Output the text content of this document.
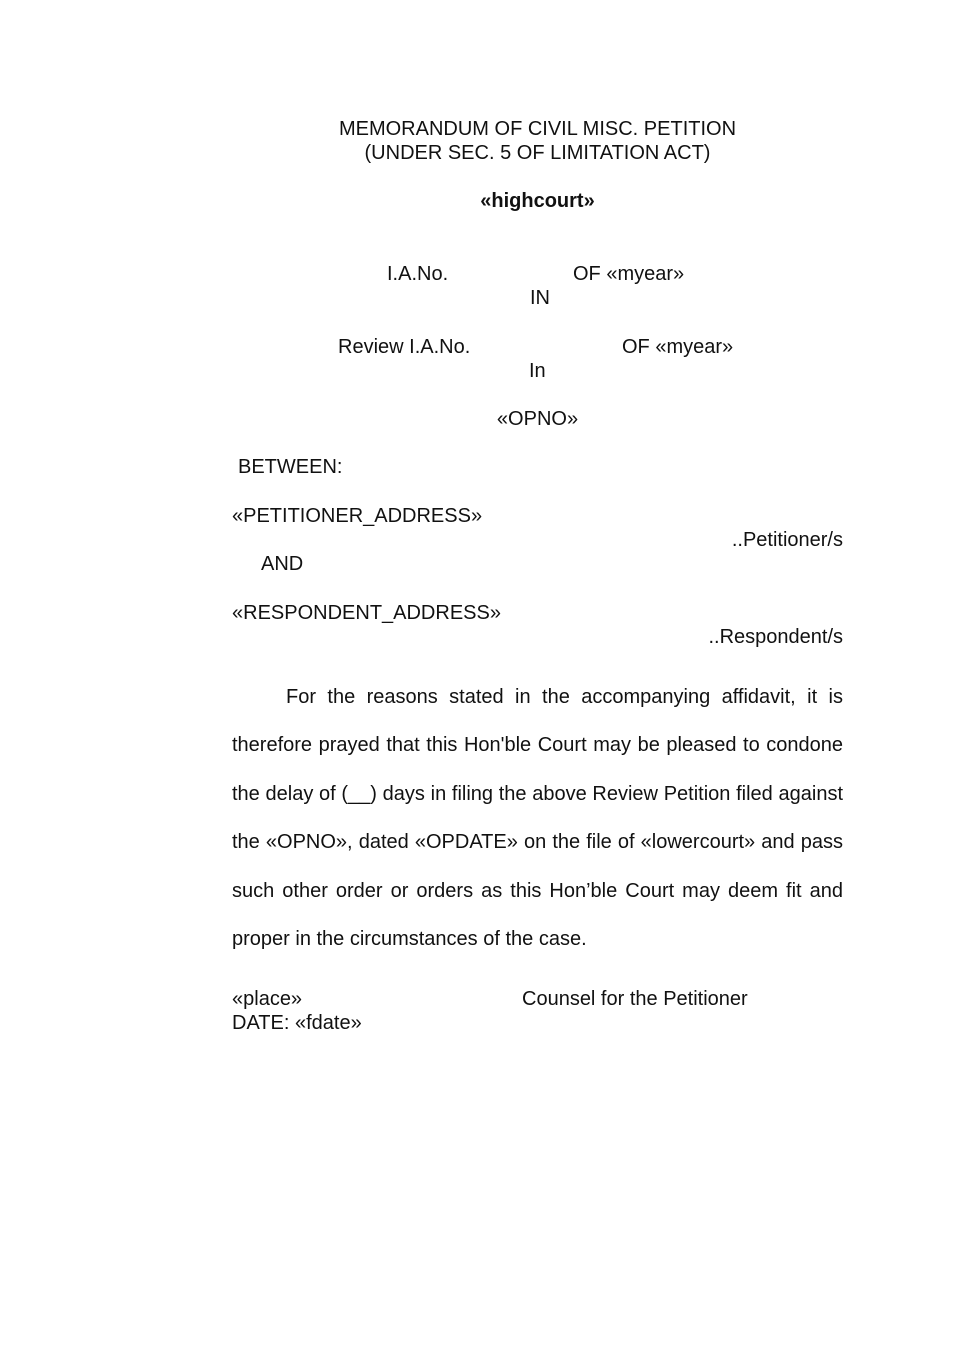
MEMORANDUM OF CIVIL MISC. PETITION
(UNDER SEC. 5 OF LIMITATION ACT)
«highcourt»
I.A.No.	OF «myear»
IN
Review I.A.No.	OF «myear»
In
«OPNO»
BETWEEN:
«PETITIONER_ADDRESS»
..Petitioner/s
AND
«RESPONDENT_ADDRESS»
..Respondent/s
For the reasons stated in the accompanying affidavit, it is therefore prayed that this Hon'ble Court may be pleased to condone the delay of (__) days in filing the above Review Petition filed against the «OPNO», dated «OPDATE» on the file of «lowercourt» and pass such other order or orders as this Hon’ble Court may deem fit and proper in the circumstances of the case.
«place»	Counsel for the Petitioner
DATE: «fdate»
